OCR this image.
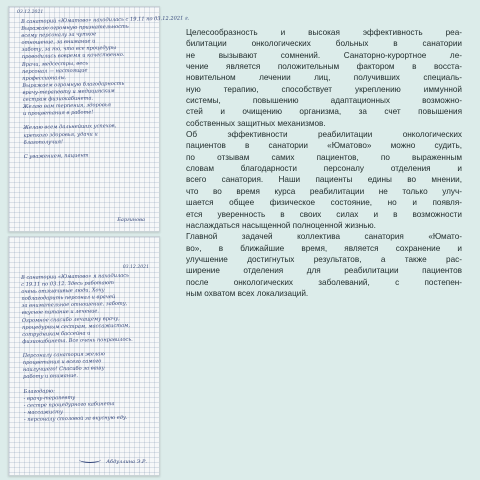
03.12.2021
В санаторий «Юматово» находилась с 19.11 по 03.12.2021 г.
Выражаю огромную признательность
всему персоналу за чуткое
отношение, за внимание и
заботу, за то, что все процедуры
проводились вовремя и качественно.
Врачи, медсестры, весь
персонал — настоящие
профессионалы.
Выражаем огромную благодарность
врачу-терапевту и медицинским
сестрам физиокабинета.
Желаю вам терпения, здоровья
и процветания в работе!

Желаю всем дальнейших успехов,
крепкого здоровья, удачи и
благополучия!

С уважением, пациент
Баргинова
03.12.2021
В санатории «Юматово» я находилась
с 19.11 по 03.12. Здесь работают
очень отзывчивые люди. Хочу
поблагодарить персонал и врачей
за внимательное отношение, заботу,
вкусное питание и лечение.
Огромное спасибо лечащему врачу,
процедурным сестрам, массажистам,
сотрудникам бассейна и
физиокабинета. Все очень понравилось.

Персоналу санатория желаю
процветания и всего самого
наилучшего! Спасибо за вашу
работу и внимание.

Благодарю:
- врачу-терапевту
- сестре процедурного кабинета
- массажисту
- персоналу столовой за вкусную еду.
Абдуллина Э.Р.

Целесообразность и высокая эффективность реа-
билитации онкологических больных в санатории
не вызывают сомнений. Санаторно-курортное ле-
чение является положительным фактором в восста-
новительном лечении лиц, получивших специаль-
ную терапию, способствует укреплению иммунной
системы, повышению адаптационных возможно-
стей и очищению организма, за счет повышения
собственных защитных механизмов.

Об эффективности реабилитации онкологических
пациентов в санатории «Юматово» можно судить,
по отзывам самих пациентов, по выраженным
словам благодарности персоналу отделения и
всего санатория. Наши пациенты едины во мнении,
что во время курса реабилитации не только улуч-
шается общее физическое состояние, но и появля-
ется уверенность в своих силах и в возможности
наслаждаться насыщенной полноценной жизнью.

Главной задачей коллектива санатория «Юмато-
во», в ближайшие время, является сохранение и
улучшение достигнутых результатов, а также рас-
ширение отделения для реабилитации пациентов
после онкологических заболеваний, с постепен-
ным охватом всех локализаций.
